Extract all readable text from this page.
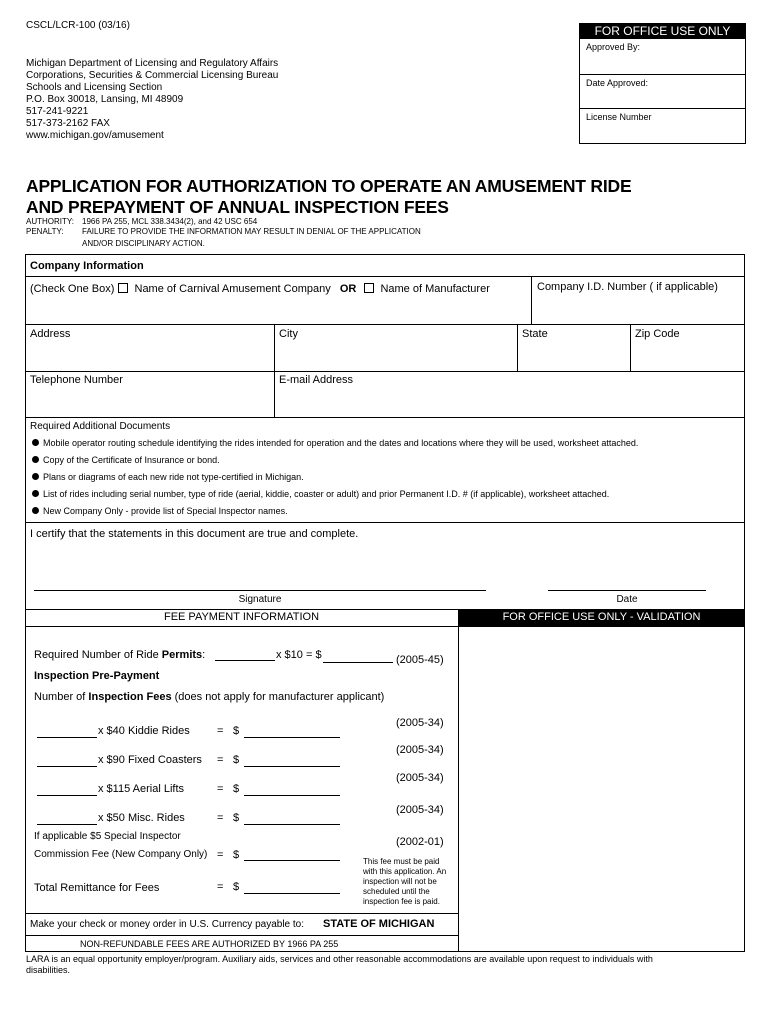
CSCL/LCR-100 (03/16)
Michigan Department of Licensing and Regulatory Affairs
Corporations, Securities & Commercial Licensing Bureau
Schools and Licensing Section
P.O. Box 30018, Lansing, MI 48909
517-241-9221
517-373-2162 FAX
www.michigan.gov/amusement
FOR OFFICE USE ONLY
Approved By:
Date Approved:
License Number
APPLICATION FOR AUTHORIZATION TO OPERATE AN AMUSEMENT RIDE
AND PREPAYMENT OF ANNUAL INSPECTION FEES
AUTHORITY: 1966 PA 255, MCL 338.3434(2), and 42 USC 654
PENALTY: FAILURE TO PROVIDE THE INFORMATION MAY RESULT IN DENIAL OF THE APPLICATION
AND/OR DISCIPLINARY ACTION.
Company Information
(Check One Box) Name of Carnival Amusement Company OR Name of Manufacturer	Company I.D. Number ( if applicable)
Address	City	State	Zip Code
Telephone Number	E-mail Address
Required Additional Documents
Mobile operator routing schedule identifying the rides intended for operation and the dates and locations where they will be used, worksheet attached.
Copy of the Certificate of Insurance or bond.
Plans or diagrams of each new ride not type-certified in Michigan.
List of rides including serial number, type of ride (aerial, kiddie, coaster or adult) and prior Permanent I.D. # (if applicable), worksheet attached.
New Company Only - provide list of Special Inspector names.
I certify that the statements in this document are true and complete.
Signature	Date
FEE PAYMENT INFORMATION	FOR OFFICE USE ONLY - VALIDATION
Required Number of Ride Permits:	x $10 = $	(2005-45)
Inspection Pre-Payment
Number of Inspection Fees (does not apply for manufacturer applicant)
x $40 Kiddie Rides = $
(2005-34)
x $90 Fixed Coasters = $
(2005-34)
x $115 Aerial Lifts	= $
(2005-34)
x $50 Misc. Rides	= $
(2005-34)
If applicable $5 Special Inspector
Commission Fee (New Company Only) = $
(2002-01)
This fee must be paid
with this application. An
inspection will not be
scheduled until the
inspection fee is paid.
Total Remittance for Fees	= $
Make your check or money order in U.S. Currency payable to: STATE OF MICHIGAN
NON-REFUNDABLE FEES ARE AUTHORIZED BY 1966 PA 255
LARA is an equal opportunity employer/program. Auxiliary aids, services and other reasonable accommodations are available upon request to individuals with
disabilities.
